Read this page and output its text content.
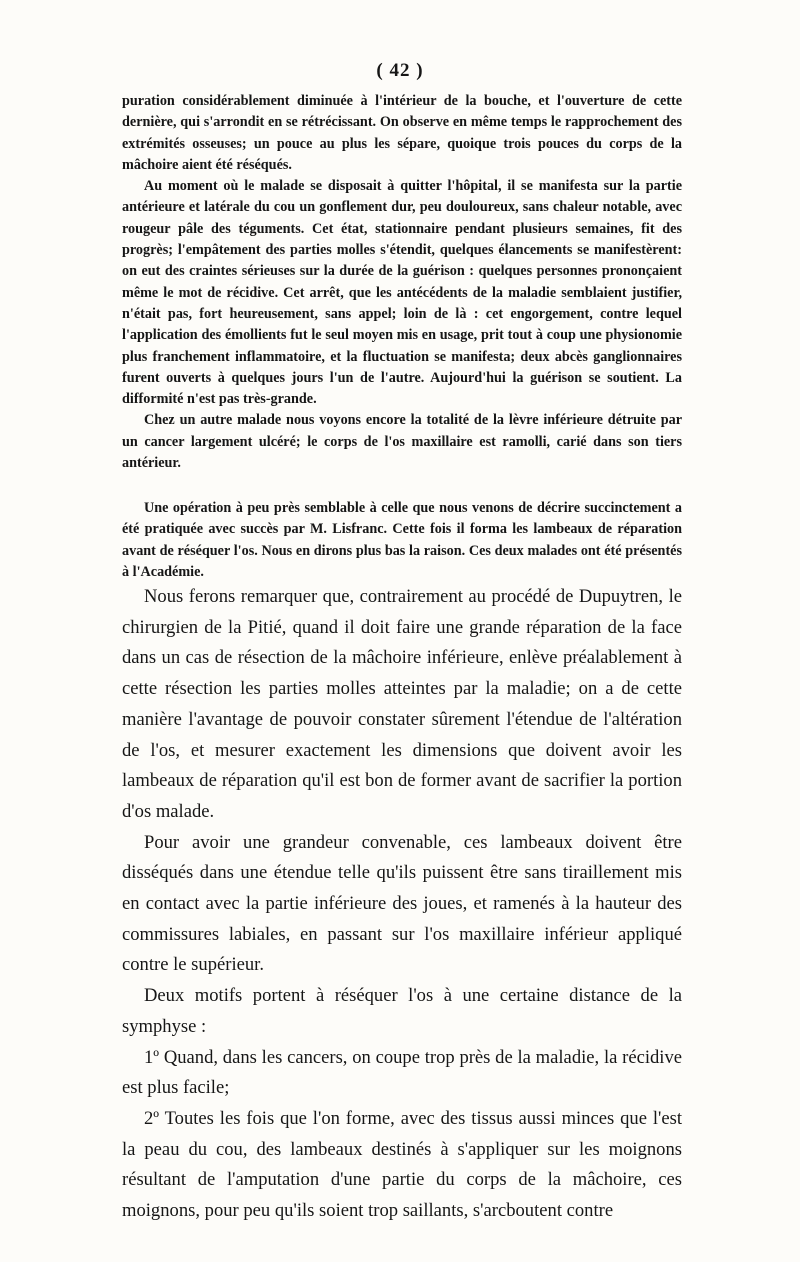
( 42 )

puration considérablement diminuée à l'intérieur de la bouche, et l'ouverture de cette dernière, qui s'arrondit en se rétrécissant. On observe en même temps le rapprochement des extrémités osseuses; un pouce au plus les sépare, quoique trois pouces du corps de la mâchoire aient été réséqués.

Au moment où le malade se disposait à quitter l'hôpital, il se manifesta sur la partie antérieure et latérale du cou un gonflement dur, peu douloureux, sans chaleur notable, avec rougeur pâle des téguments. Cet état, stationnaire pendant plusieurs semaines, fit des progrès; l'empâtement des parties molles s'étendit, quelques élancements se manifestèrent: on eut des craintes sérieuses sur la durée de la guérison : quelques personnes prononçaient même le mot de récidive. Cet arrêt, que les antécédents de la maladie semblaient justifier, n'était pas, fort heureusement, sans appel; loin de là : cet engorgement, contre lequel l'application des émollients fut le seul moyen mis en usage, prit tout à coup une physionomie plus franchement inflammatoire, et la fluctuation se manifesta; deux abcès ganglionnaires furent ouverts à quelques jours l'un de l'autre. Aujourd'hui la guérison se soutient. La difformité n'est pas très-grande.

Chez un autre malade nous voyons encore la totalité de la lèvre inférieure détruite par un cancer largement ulcéré; le corps de l'os maxillaire est ramolli, carié dans son tiers antérieur.

Une opération à peu près semblable à celle que nous venons de décrire succinctement a été pratiquée avec succès par M. Lisfranc. Cette fois il forma les lambeaux de réparation avant de réséquer l'os. Nous en dirons plus bas la raison. Ces deux malades ont été présentés à l'Académie.

Nous ferons remarquer que, contrairement au procédé de Dupuytren, le chirurgien de la Pitié, quand il doit faire une grande réparation de la face dans un cas de résection de la mâchoire inférieure, enlève préalablement à cette résection les parties molles atteintes par la maladie; on a de cette manière l'avantage de pouvoir constater sûrement l'étendue de l'altération de l'os, et mesurer exactement les dimensions que doivent avoir les lambeaux de réparation qu'il est bon de former avant de sacrifier la portion d'os malade.

Pour avoir une grandeur convenable, ces lambeaux doivent être disséqués dans une étendue telle qu'ils puissent être sans tiraillement mis en contact avec la partie inférieure des joues, et ramenés à la hauteur des commissures labiales, en passant sur l'os maxillaire inférieur appliqué contre le supérieur.

Deux motifs portent à réséquer l'os à une certaine distance de la symphyse :

1º Quand, dans les cancers, on coupe trop près de la maladie, la récidive est plus facile;

2º Toutes les fois que l'on forme, avec des tissus aussi minces que l'est la peau du cou, des lambeaux destinés à s'appliquer sur les moignons résultant de l'amputation d'une partie du corps de la mâchoire, ces moignons, pour peu qu'ils soient trop saillants, s'arcboutent contre
